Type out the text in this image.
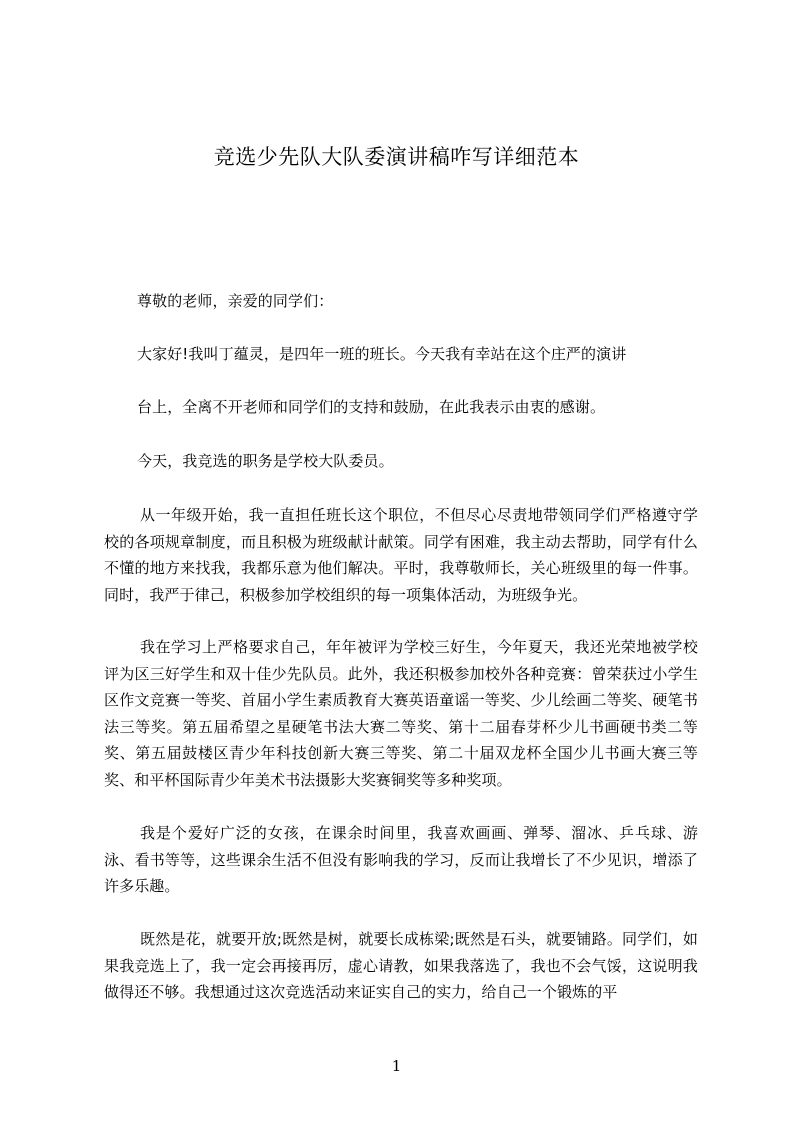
竞选少先队大队委演讲稿咋写详细范本
尊敬的老师，亲爱的同学们：
大家好!我叫丁蕴灵，是四年一班的班长。今天我有幸站在这个庄严的演讲
台上，全离不开老师和同学们的支持和鼓励，在此我表示由衷的感谢。
今天，我竞选的职务是学校大队委员。
从一年级开始，我一直担任班长这个职位，不但尽心尽责地带领同学们严格遵守学校的各项规章制度，而且积极为班级献计献策。同学有困难，我主动去帮助，同学有什么不懂的地方来找我，我都乐意为他们解决。平时，我尊敬师长，关心班级里的每一件事。同时，我严于律己，积极参加学校组织的每一项集体活动，为班级争光。
我在学习上严格要求自己，年年被评为学校三好生，今年夏天，我还光荣地被学校评为区三好学生和双十佳少先队员。此外，我还积极参加校外各种竞赛：曾荣获过小学生区作文竞赛一等奖、首届小学生素质教育大赛英语童谣一等奖、少儿绘画二等奖、硬笔书法三等奖。第五届希望之星硬笔书法大赛二等奖、第十二届春芽杯少儿书画硬书类二等奖、第五届鼓楼区青少年科技创新大赛三等奖、第二十届双龙杯全国少儿书画大赛三等奖、和平杯国际青少年美术书法摄影大奖赛铜奖等多种奖项。
我是个爱好广泛的女孩，在课余时间里，我喜欢画画、弹琴、溜冰、乒乓球、游泳、看书等等，这些课余生活不但没有影响我的学习，反而让我增长了不少见识，增添了许多乐趣。
既然是花，就要开放;既然是树，就要长成栋梁;既然是石头，就要铺路。同学们，如果我竞选上了，我一定会再接再厉，虚心请教，如果我落选了，我也不会气馁，这说明我做得还不够。我想通过这次竞选活动来证实自己的实力，给自己一个锻炼的平
1
